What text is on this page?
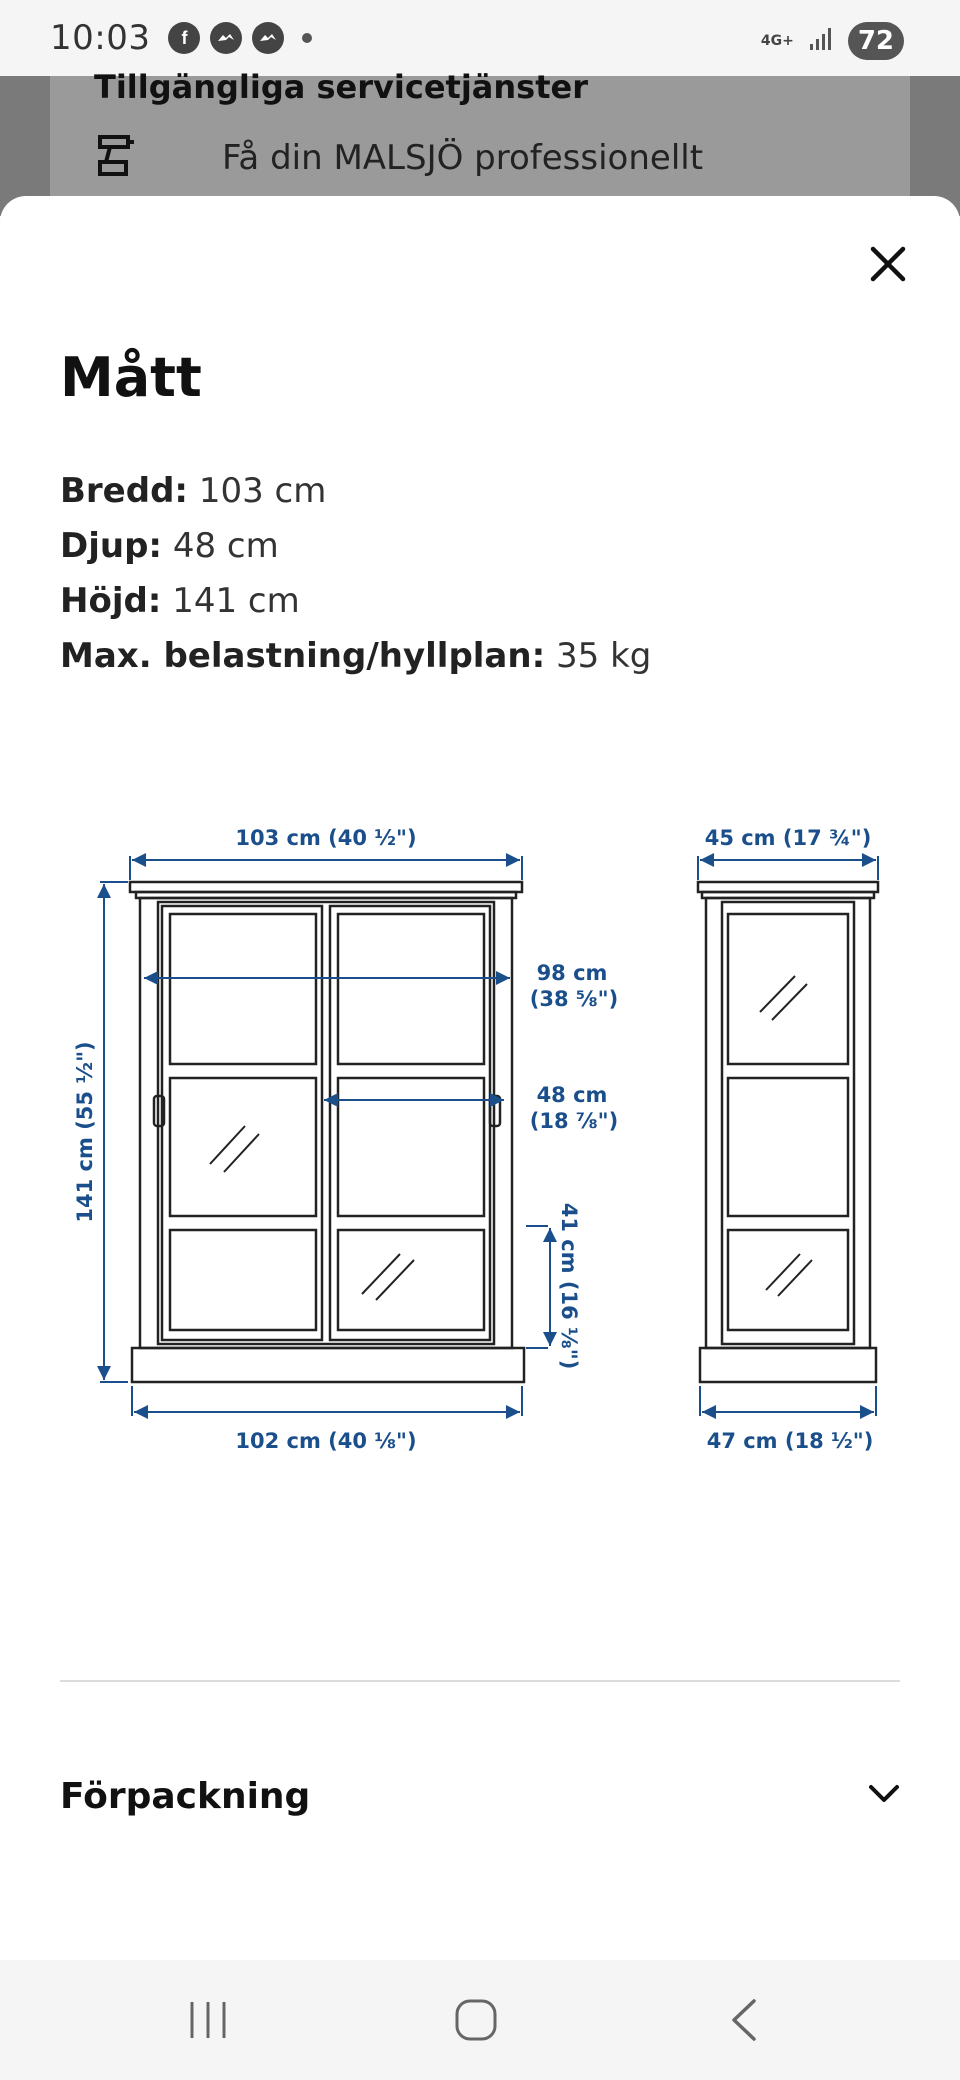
10:03	f	4G+	72
Tillgängliga servicetjänster
Få din MALSJÖ professionellt
Mått
Bredd: 103 cm
Djup: 48 cm
Höjd: 141 cm
Max. belastning/hyllplan: 35 kg
103 cm (40 ½")
102 cm (40 ⅛")
141 cm (55 ½")
98 cm
(38 ⅝")
48 cm
(18 ⅞")
41 cm (16 ⅛")
45 cm (17 ¾")
47 cm (18 ½")
Förpackning
